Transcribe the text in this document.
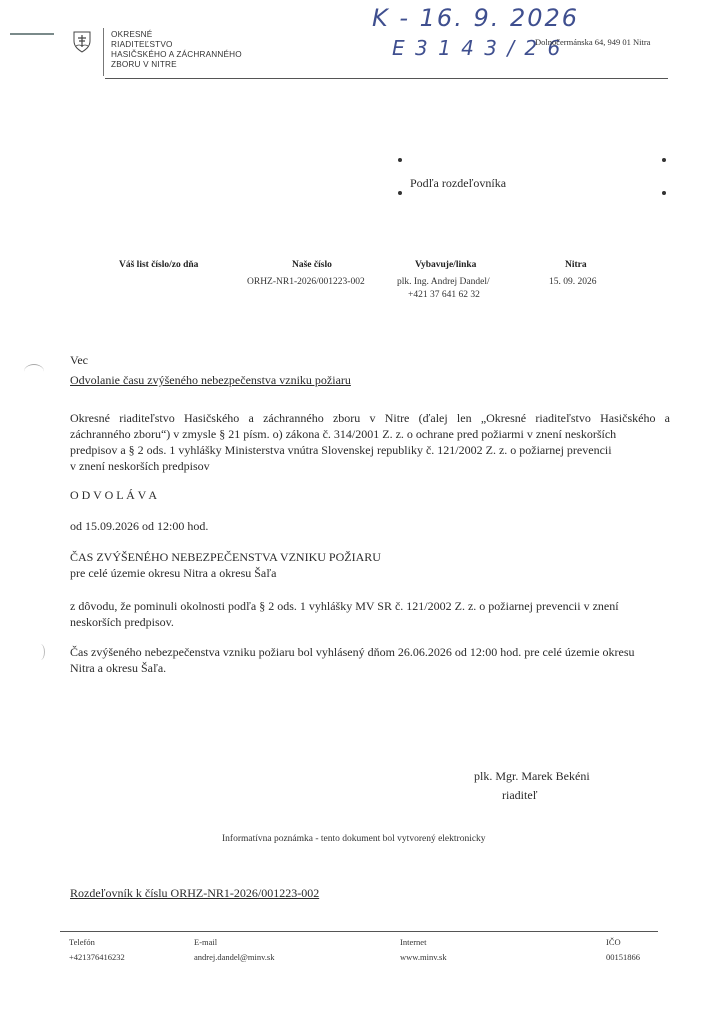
OKRESNÉ
RIADITEĽSTVO
HASIČSKÉHO A ZÁCHRANNÉHO
ZBORU V NITRE
K - 16. 9. 2026
E 3 1 4 3 / 2 6
Dolnočermánska 64, 949 01 Nitra
Podľa rozdeľovníka
Váš list číslo/zo dňa	Naše číslo
ORHZ-NR1-2026/001223-002
Vybavuje/linka
plk. Ing. Andrej Dandel/
+421 37 641 62 32
Nitra
15. 09. 2026
Vec
Odvolanie času zvýšeného nebezpečenstva vzniku požiaru
Okresné riaditeľstvo Hasičského a záchranného zboru v Nitre (ďalej len „Okresné riaditeľstvo Hasičského a
záchranného zboru“) v zmysle § 21 písm. o) zákona č. 314/2001 Z. z. o ochrane pred požiarmi v znení neskorších
predpisov a § 2 ods. 1 vyhlášky Ministerstva vnútra Slovenskej republiky č. 121/2002 Z. z. o požiarnej prevencii
v znení neskorších predpisov
O D V O L Á V A
od 15.09.2026 od 12:00 hod.
ČAS ZVÝŠENÉHO NEBEZPEČENSTVA VZNIKU POŽIARU
pre celé územie okresu Nitra a okresu Šaľa
z dôvodu, že pominuli okolnosti podľa § 2 ods. 1 vyhlášky MV SR č. 121/2002 Z. z. o požiarnej prevencii v znení
neskorších predpisov.
Čas zvýšeného nebezpečenstva vzniku požiaru bol vyhlásený dňom 26.06.2026 od 12:00 hod. pre celé územie okresu
Nitra a okresu Šaľa.
plk. Mgr. Marek Bekéni
riaditeľ
Informatívna poznámka - tento dokument bol vytvorený elektronicky
Rozdeľovník k číslu ORHZ-NR1-2026/001223-002
Telefón
+421376416232
E-mail
andrej.dandel@minv.sk
Internet
www.minv.sk
IČO
00151866
